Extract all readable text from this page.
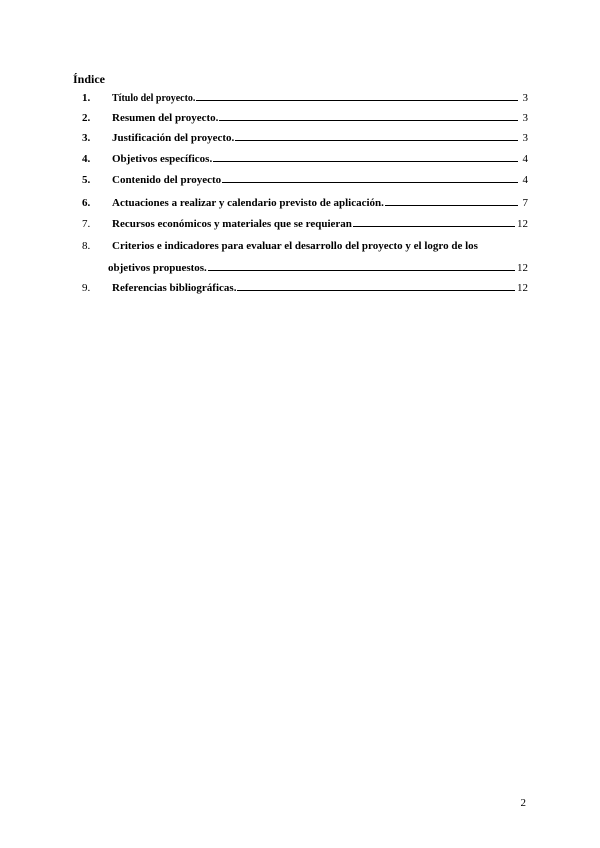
Índice
1.	Título del proyecto.	3
2.	Resumen del proyecto.	3
3.	Justificación del proyecto.	3
4.	Objetivos específicos.	4
5.	Contenido del proyecto	4
6.	Actuaciones a realizar y calendario previsto de aplicación.	7
7.	Recursos económicos y materiales que se requieran	12
8.	Criterios e indicadores para evaluar el desarrollo del proyecto y el logro de los
objetivos propuestos.	12
9.	Referencias bibliográficas.	12
2
